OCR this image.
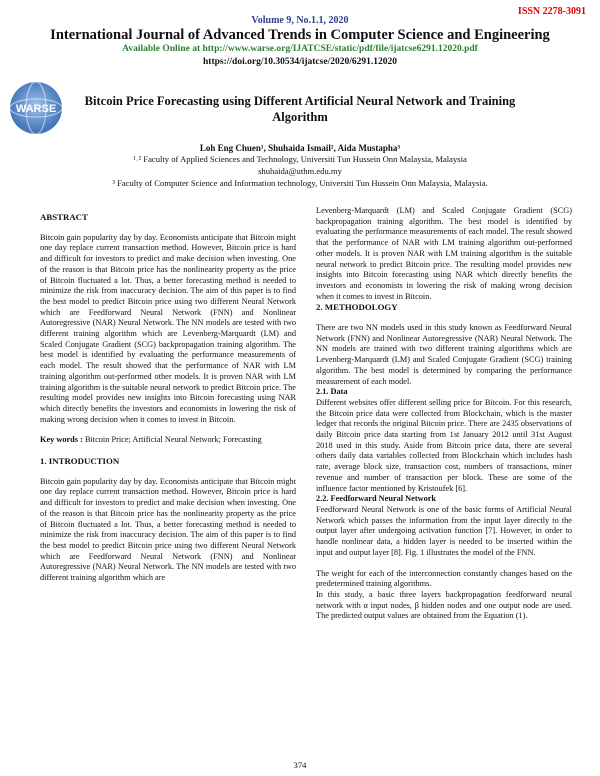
ISSN 2278-3091
Volume 9, No.1.1, 2020
International Journal of Advanced Trends in Computer Science and Engineering
Available Online at http://www.warse.org/IJATCSE/static/pdf/file/ijatcse6291.12020.pdf
https://doi.org/10.30534/ijatcse/2020/6291.12020
WARSE
Bitcoin Price Forecasting using Different Artificial Neural Network and Training Algorithm
Loh Eng Chuen¹, Shuhaida Ismail², Aida Mustapha³
¹˒² Faculty of Applied Sciences and Technology, Universiti Tun Hussein Onn Malaysia, Malaysia
shuhaida@uthm.edu.my
³ Faculty of Computer Science and Information technology, Universiti Tun Hussein Onn Malaysia, Malaysia.
ABSTRACT

Bitcoin gain popularity day by day. Economists anticipate that Bitcoin might one day replace current transaction method. However, Bitcoin price is hard and difficult for investors to predict and make decision when investing. One of the reason is that Bitcoin price has the nonlinearity property as the price of Bitcoin fluctuated a lot. Thus, a better forecasting method is needed to minimize the risk from inaccuracy decision. The aim of this paper is to find the best model to predict Bitcoin price using two different Neural Network which are Feedforward Neural Network (FNN) and Nonlinear Autoregressive (NAR) Neural Network. The NN models are tested with two different training algorithm which are Levenberg-Marquardt (LM) and Scaled Conjugate Gradient (SCG) backpropagation training algorithm. The best model is identified by evaluating the performance measurements of each model. The result showed that the performance of NAR with LM training algorithm out-performed other models. It is proven NAR with LM training algorithm is the suitable neural network to predict Bitcoin price. The resulting model provides new insights into Bitcoin forecasting using NAR which directly benefits the investors and economists in lowering the risk of making wrong decision when it comes to invest in Bitcoin.

Key words : Bitcoin Price; Artificial Neural Network; Forecasting

1. INTRODUCTION

Bitcoin gain popularity day by day. Economists anticipate that Bitcoin might one day replace current transaction method. However, Bitcoin price is hard and difficult for investors to predict and make decision when investing. One of the reason is that Bitcoin price has the nonlinearity property as the price of Bitcoin fluctuated a lot. Thus, a better forecasting method is needed to minimize the risk from inaccuracy decision. The aim of this paper is to find the best model to predict Bitcoin price using two different Neural Network which are Feedforward Neural Network (FNN) and Nonlinear Autoregressive (NAR) Neural Network. The NN models are tested with two different training algorithm which are

Levenberg-Marquardt (LM) and Scaled Conjugate Gradient (SCG) backpropagation training algorithm. The best model is identified by evaluating the performance measurements of each model. The result showed that the performance of NAR with LM training algorithm out-performed other models. It is proven NAR with LM training algorithm is the suitable neural network to predict Bitcoin price. The resulting model provides new insights into Bitcoin forecasting using NAR which directly benefits the investors and economists in lowering the risk of making wrong decision when it comes to invest in Bitcoin.

2. METHODOLOGY

There are two NN models used in this study known as Feedforward Neural Network (FNN) and Nonlinear Autoregressive (NAR) Neural Network. The NN models are trained with two different training algorithms which are Levenberg-Marquardt (LM) and Scaled Conjugate Gradient (SCG) training algorithm. The best model is determined by comparing the performance measurement of each model.

2.1. Data

Different websites offer different selling price for Bitcoin. For this research, the Bitcoin price data were collected from Blockchain, which is the master ledger that records the original Bitcoin price. There are 2435 observations of daily Bitcoin price data starting from 1st January 2012 until 31st August 2018 used in this study. Aside from Bitcoin price data, there are several others daily data variables collected from Blockchain which includes hash rate, average block size, transaction cost, numbers of transactions, miner revenue and number of transaction per block. These are some of the influence factor mentioned by Kristoufek [6].

2.2. Feedforward Neural Network

Feedforward Neural Network is one of the basic forms of Artificial Neural Network which passes the information from the input layer directly to the output layer after undergoing activation function [7]. However, in order to handle nonlinear data, a hidden layer is needed to be inserted within the input and output layer [8]. Fig. 1 illustrates the model of the FNN.

The weight for each of the interconnection constantly changes based on the predetermined training algorithms.

In this study, a basic three layers backpropagation feedforward neural network with α input nodes, β hidden nodes and one output node are used. The predicted output values are obtained from the Equation (1).

374
